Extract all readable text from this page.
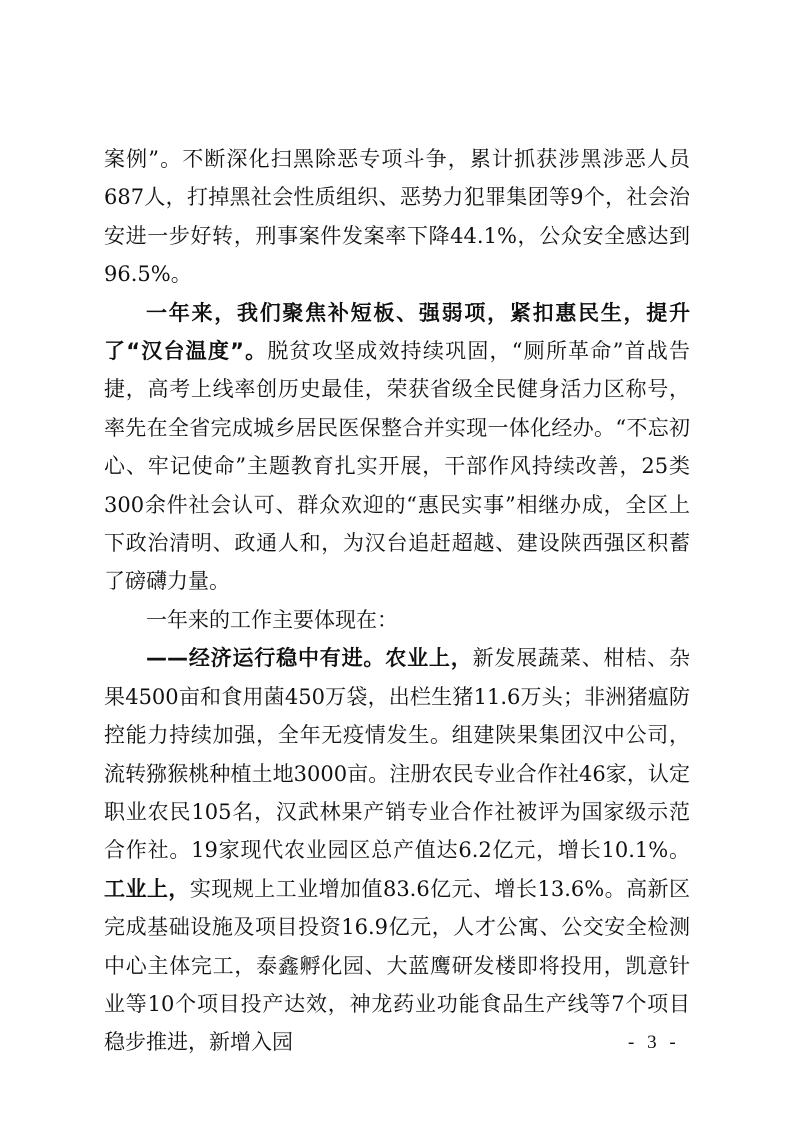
案例”。不断深化扫黑除恶专项斗争，累计抓获涉黑涉恶人员687人，打掉黑社会性质组织、恶势力犯罪集团等9个，社会治安进一步好转，刑事案件发案率下降44.1%，公众安全感达到96.5%。

一年来，我们聚焦补短板、强弱项，紧扣惠民生，提升了“汉台温度”。脱贫攻坚成效持续巩固，“厕所革命”首战告捷，高考上线率创历史最佳，荣获省级全民健身活力区称号，率先在全省完成城乡居民医保整合并实现一体化经办。“不忘初心、牢记使命”主题教育扎实开展，干部作风持续改善，25类300余件社会认可、群众欢迎的“惠民实事”相继办成，全区上下政治清明、政通人和，为汉台追赶超越、建设陕西强区积蓄了磅礴力量。

一年来的工作主要体现在：

——经济运行稳中有进。农业上，新发展蔬菜、柑桔、杂果4500亩和食用菌450万袋，出栏生猪11.6万头；非洲猪瘟防控能力持续加强，全年无疫情发生。组建陕果集团汉中公司，流转猕猴桃种植土地3000亩。注册农民专业合作社46家，认定职业农民105名，汉武林果产销专业合作社被评为国家级示范合作社。19家现代农业园区总产值达6.2亿元，增长10.1%。工业上，实现规上工业增加值83.6亿元、增长13.6%。高新区完成基础设施及项目投资16.9亿元，人才公寓、公交安全检测中心主体完工，泰鑫孵化园、大蓝鹰研发楼即将投用，凯意针业等10个项目投产达效，神龙药业功能食品生产线等7个项目稳步推进，新增入园	- 3 -
